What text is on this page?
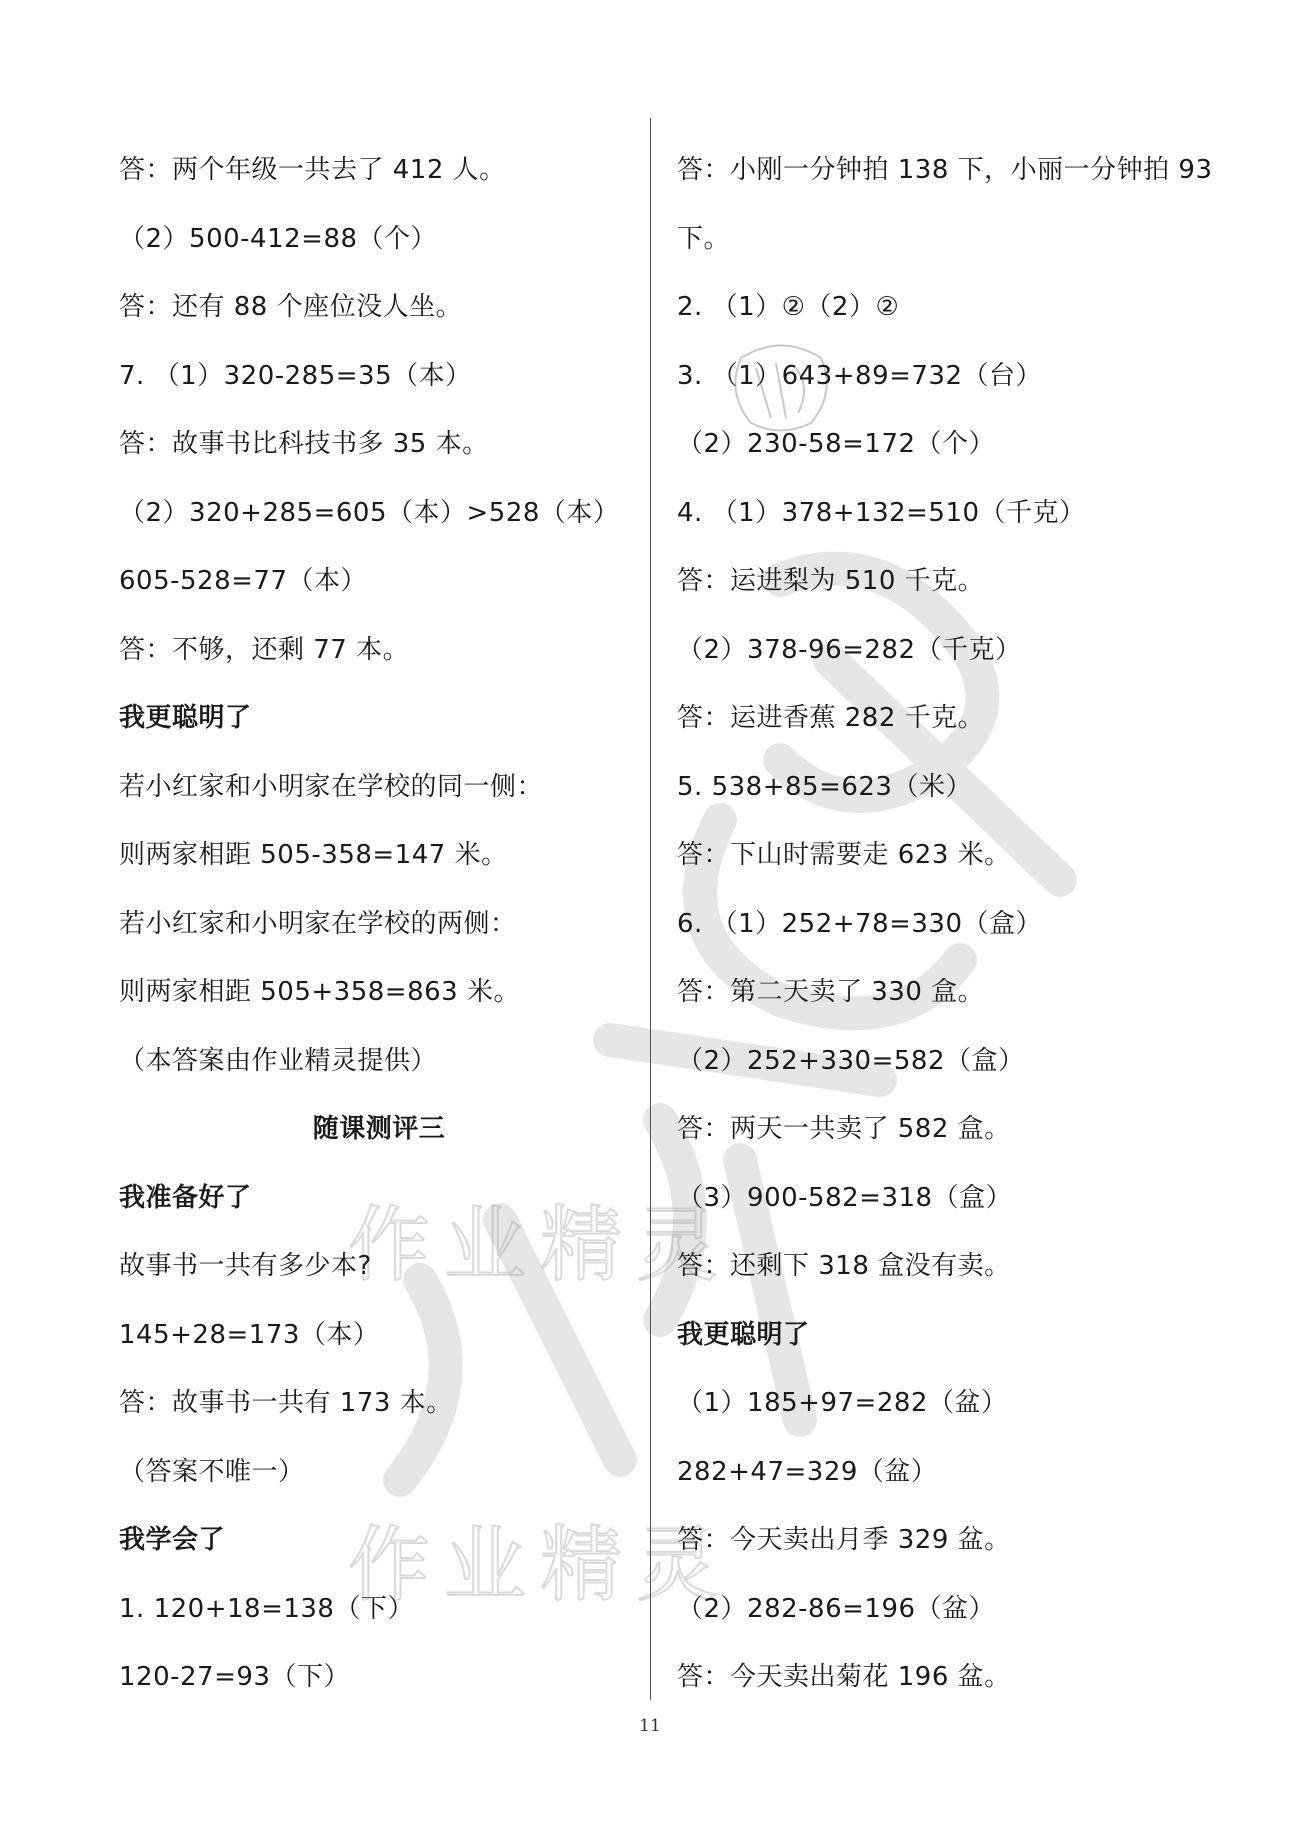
作业精灵
作业精灵
答：两个年级一共去了 412 人。
（2）500-412=88（个）
答：还有 88 个座位没人坐。
7. （1）320-285=35（本）
答：故事书比科技书多 35 本。
（2）320+285=605（本）>528（本）
605-528=77（本）
答：不够，还剩 77 本。
我更聪明了
若小红家和小明家在学校的同一侧：
则两家相距 505-358=147 米。
若小红家和小明家在学校的两侧：
则两家相距 505+358=863 米。
（本答案由作业精灵提供）
随课测评三
我准备好了
故事书一共有多少本?
145+28=173（本）
答：故事书一共有 173 本。
（答案不唯一）
我学会了
1. 120+18=138（下）
120-27=93（下）
答：小刚一分钟拍 138 下，小丽一分钟拍 93
下。
2. （1）②（2）②
3. （1）643+89=732（台）
（2）230-58=172（个）
4. （1）378+132=510（千克）
答：运进梨为 510 千克。
（2）378-96=282（千克）
答：运进香蕉 282 千克。
5. 538+85=623（米）
答：下山时需要走 623 米。
6. （1）252+78=330（盒）
答：第二天卖了 330 盒。
（2）252+330=582（盒）
答：两天一共卖了 582 盒。
（3）900-582=318（盒）
答：还剩下 318 盒没有卖。
我更聪明了
（1）185+97=282（盆）
282+47=329（盆）
答：今天卖出月季 329 盆。
（2）282-86=196（盆）
答：今天卖出菊花 196 盆。
11
